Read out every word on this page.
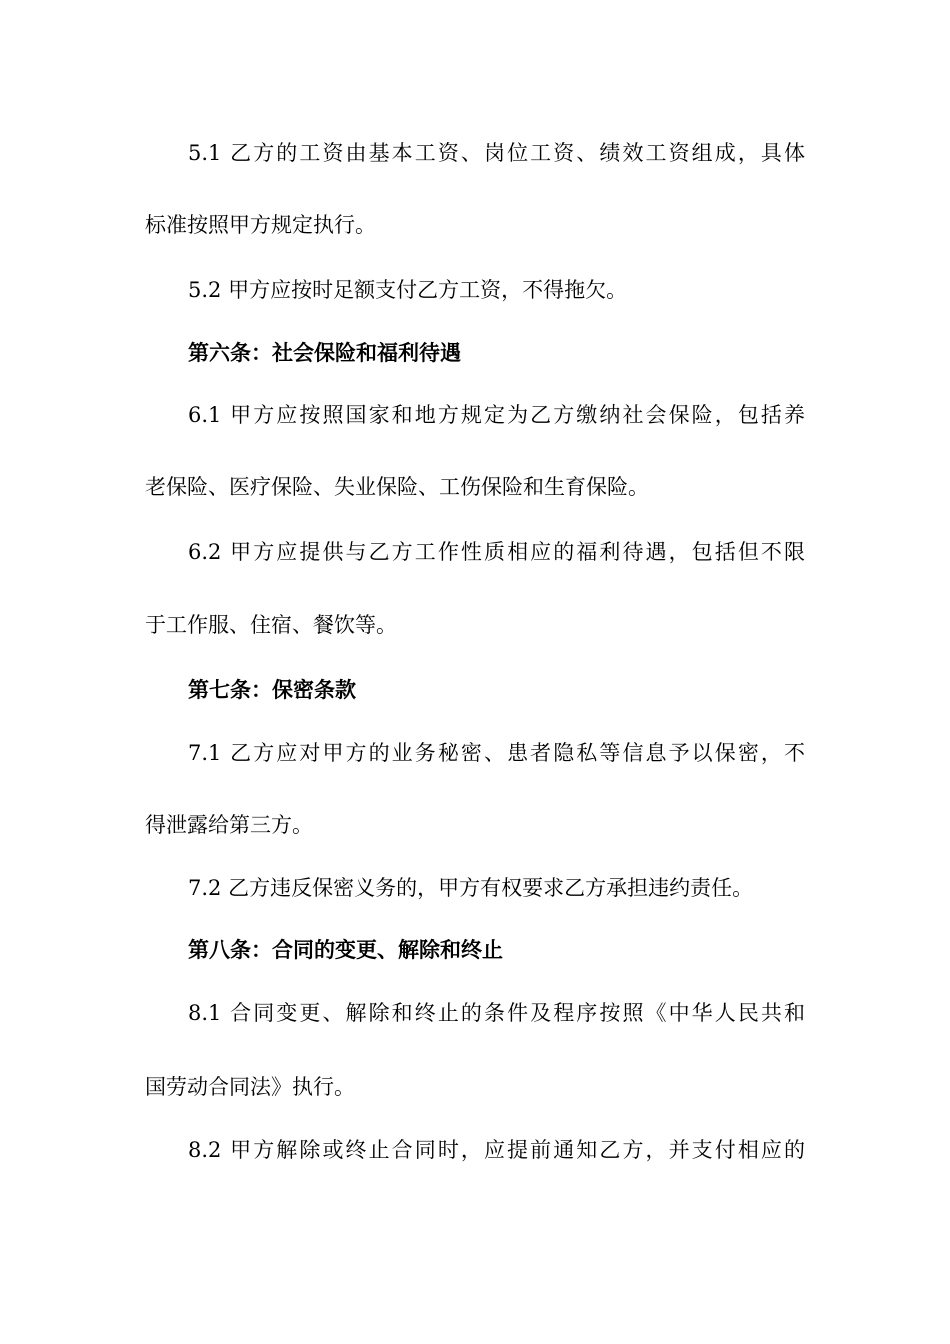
5.1 乙方的工资由基本工资、岗位工资、绩效工资组成，具体
标准按照甲方规定执行。
5.2 甲方应按时足额支付乙方工资，不得拖欠。
第六条：社会保险和福利待遇
6.1 甲方应按照国家和地方规定为乙方缴纳社会保险，包括养
老保险、医疗保险、失业保险、工伤保险和生育保险。
6.2 甲方应提供与乙方工作性质相应的福利待遇，包括但不限
于工作服、住宿、餐饮等。
第七条：保密条款
7.1 乙方应对甲方的业务秘密、患者隐私等信息予以保密，不
得泄露给第三方。
7.2 乙方违反保密义务的，甲方有权要求乙方承担违约责任。
第八条：合同的变更、解除和终止
8.1 合同变更、解除和终止的条件及程序按照《中华人民共和
国劳动合同法》执行。
8.2 甲方解除或终止合同时，应提前通知乙方，并支付相应的
